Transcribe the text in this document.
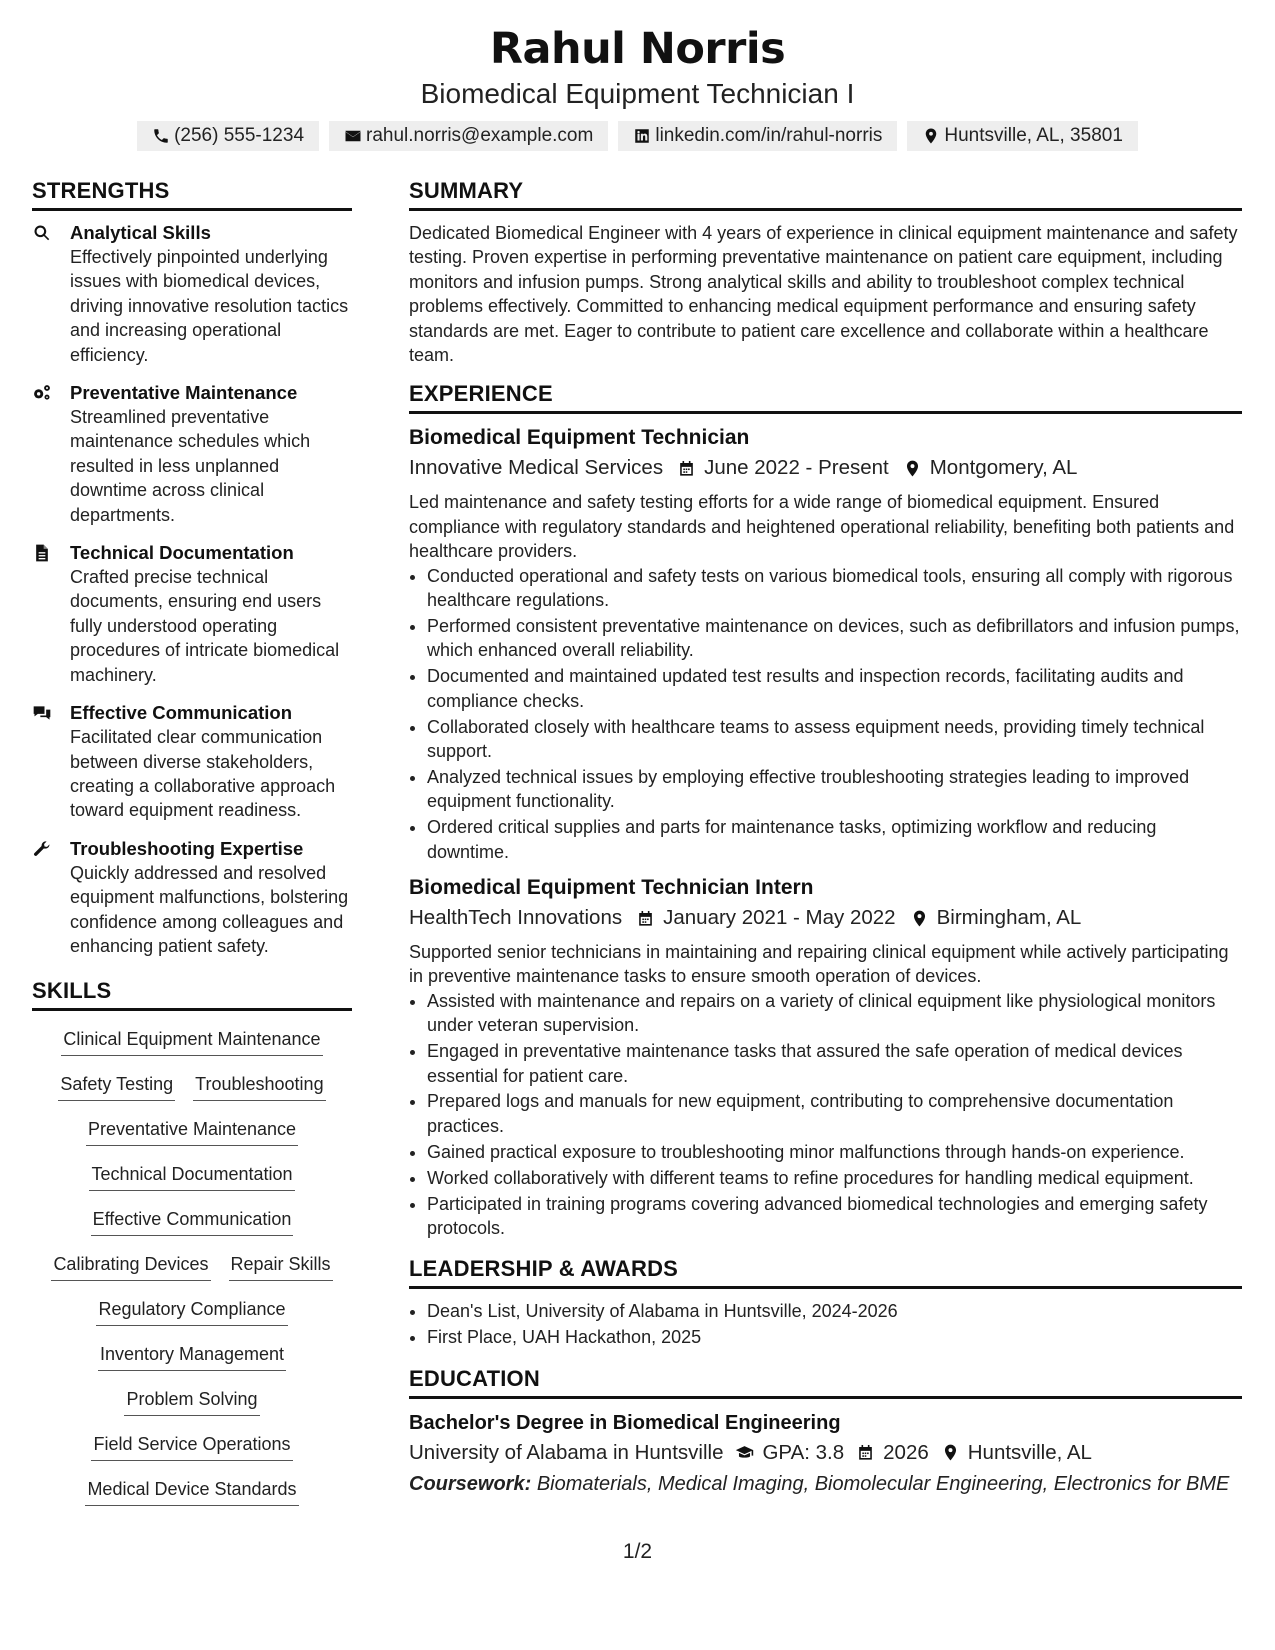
Rahul Norris
Biomedical Equipment Technician I
(256) 555-1234	rahul.norris@example.com	linkedin.com/in/rahul-norris	Huntsville, AL, 35801
STRENGTHS
Analytical Skills
Effectively pinpointed underlying issues with biomedical devices, driving innovative resolution tactics and increasing operational efficiency.
Preventative Maintenance
Streamlined preventative maintenance schedules which resulted in less unplanned downtime across clinical departments.
Technical Documentation
Crafted precise technical documents, ensuring end users fully understood operating procedures of intricate biomedical machinery.
Effective Communication
Facilitated clear communication between diverse stakeholders, creating a collaborative approach toward equipment readiness.
Troubleshooting Expertise
Quickly addressed and resolved equipment malfunctions, bolstering confidence among colleagues and enhancing patient safety.
SKILLS
Clinical Equipment Maintenance
Safety Testing Troubleshooting
Preventative Maintenance
Technical Documentation
Effective Communication
Calibrating Devices Repair Skills
Regulatory Compliance
Inventory Management
Problem Solving
Field Service Operations
Medical Device Standards
SUMMARY
Dedicated Biomedical Engineer with 4 years of experience in clinical equipment maintenance and safety testing. Proven expertise in performing preventative maintenance on patient care equipment, including monitors and infusion pumps. Strong analytical skills and ability to troubleshoot complex technical problems effectively. Committed to enhancing medical equipment performance and ensuring safety standards are met. Eager to contribute to patient care excellence and collaborate within a healthcare team.
EXPERIENCE
Biomedical Equipment Technician
Innovative Medical Services June 2022 - Present Montgomery, AL
Led maintenance and safety testing efforts for a wide range of biomedical equipment. Ensured compliance with regulatory standards and heightened operational reliability, benefiting both patients and healthcare providers.
• Conducted operational and safety tests on various biomedical tools, ensuring all comply with rigorous healthcare regulations.
• Performed consistent preventative maintenance on devices, such as defibrillators and infusion pumps, which enhanced overall reliability.
• Documented and maintained updated test results and inspection records, facilitating audits and compliance checks.
• Collaborated closely with healthcare teams to assess equipment needs, providing timely technical support.
• Analyzed technical issues by employing effective troubleshooting strategies leading to improved equipment functionality.
• Ordered critical supplies and parts for maintenance tasks, optimizing workflow and reducing downtime.
Biomedical Equipment Technician Intern
HealthTech Innovations January 2021 - May 2022 Birmingham, AL
Supported senior technicians in maintaining and repairing clinical equipment while actively participating in preventive maintenance tasks to ensure smooth operation of devices.
• Assisted with maintenance and repairs on a variety of clinical equipment like physiological monitors under veteran supervision.
• Engaged in preventative maintenance tasks that assured the safe operation of medical devices essential for patient care.
• Prepared logs and manuals for new equipment, contributing to comprehensive documentation practices.
• Gained practical exposure to troubleshooting minor malfunctions through hands-on experience.
• Worked collaboratively with different teams to refine procedures for handling medical equipment.
• Participated in training programs covering advanced biomedical technologies and emerging safety protocols.
LEADERSHIP & AWARDS
• Dean's List, University of Alabama in Huntsville, 2024-2026
• First Place, UAH Hackathon, 2025
EDUCATION
Bachelor's Degree in Biomedical Engineering
University of Alabama in Huntsville GPA: 3.8 2026 Huntsville, AL
Coursework: Biomaterials, Medical Imaging, Biomolecular Engineering, Electronics for BME
1/2
